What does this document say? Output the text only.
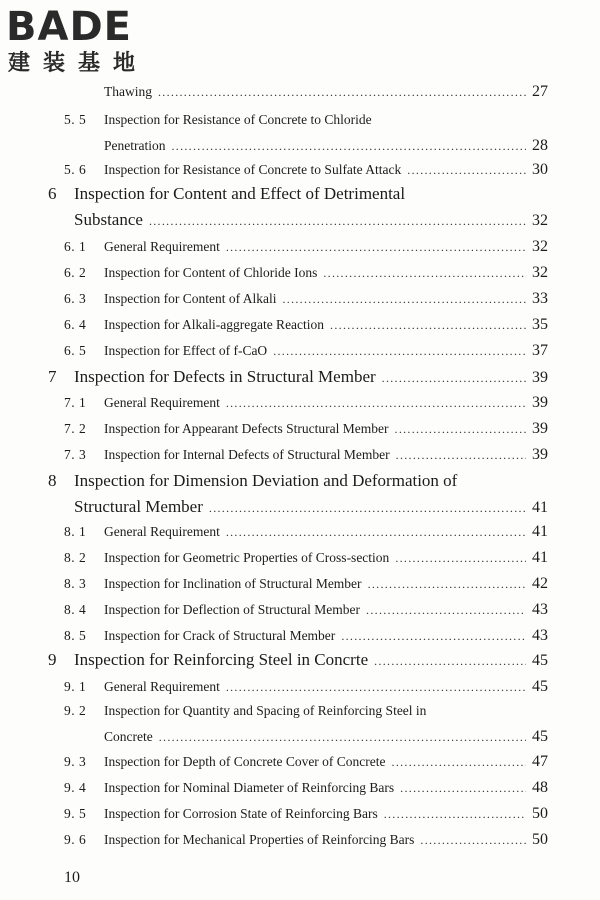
BADE
建装基地
Thawing .....	27
5. 5 Inspection for Resistance of Concrete to Chloride
Penetration .....	28
5. 6 Inspection for Resistance of Concrete to Sulfate Attack .....	30
6 Inspection for Content and Effect of Detrimental
Substance .....	32
6. 1 General Requirement .....	32
6. 2 Inspection for Content of Chloride Ions .....	32
6. 3 Inspection for Content of Alkali .....	33
6. 4 Inspection for Alkali-aggregate Reaction .....	35
6. 5 Inspection for Effect of f-CaO .....	37
7 Inspection for Defects in Structural Member .....	39
7. 1 General Requirement .....	39
7. 2 Inspection for Appearant Defects Structural Member .....	39
7. 3 Inspection for Internal Defects of Structural Member .....	39
8 Inspection for Dimension Deviation and Deformation of
Structural Member .....	41
8. 1 General Requirement .....	41
8. 2 Inspection for Geometric Properties of Cross-section .....	41
8. 3 Inspection for Inclination of Structural Member .....	42
8. 4 Inspection for Deflection of Structural Member .....	43
8. 5 Inspection for Crack of Structural Member .....	43
9 Inspection for Reinforcing Steel in Concrte .....	45
9. 1 General Requirement .....	45
9. 2 Inspection for Quantity and Spacing of Reinforcing Steel in
Concrete .....	45
9. 3 Inspection for Depth of Concrete Cover of Concrete .....	47
9. 4 Inspection for Nominal Diameter of Reinforcing Bars .....	48
9. 5 Inspection for Corrosion State of Reinforcing Bars .....	50
9. 6 Inspection for Mechanical Properties of Reinforcing Bars .....	50
10
